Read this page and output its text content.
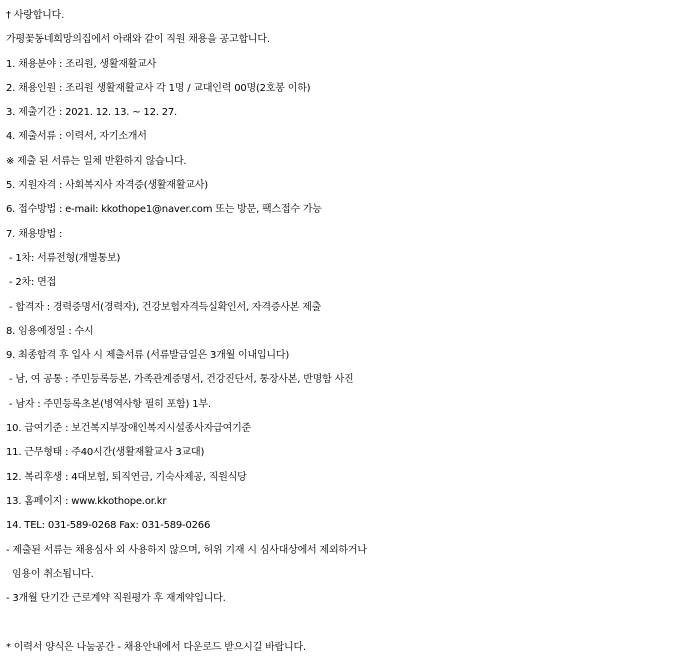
† 사랑합니다.
가평꽃동네희망의집에서 아래와 같이 직원 채용을 공고합니다.
1. 채용분야 : 조리원, 생활재활교사
2. 채용인원 : 조리원 생활재활교사 각 1명 / 교대인력 00명(2호봉 이하)
3. 제출기간 : 2021. 12. 13. ~ 12. 27.
4. 제출서류 : 이력서, 자기소개서
※ 제출 된 서류는 일체 반환하지 않습니다.
5. 지원자격 : 사회복지사 자격증(생활재활교사)
6. 접수방법 : e-mail: kkothope1@naver.com 또는 방문, 팩스접수 가능
7. 채용방법 :
- 1차: 서류전형(개별통보)
- 2차: 면접
- 합격자 : 경력증명서(경력자), 건강보험자격득실확인서, 자격증사본 제출
8. 임용예정일 : 수시
9. 최종합격 후 입사 시 제출서류 (서류발급일은 3개월 이내입니다)
- 남, 여 공통 : 주민등록등본, 가족관계증명서, 건강진단서, 통장사본, 반명함 사진
- 남자 : 주민등록초본(병역사항 필히 포함) 1부.
10. 급여기준 : 보건복지부장애인복지시설종사자급여기준
11. 근무형태 : 주40시간(생활재활교사 3교대)
12. 복리후생 : 4대보험, 퇴직연금, 기숙사제공, 직원식당
13. 홈페이지 : www.kkothope.or.kr
14. TEL: 031-589-0268 Fax: 031-589-0266
- 제출된 서류는 채용심사 외 사용하지 않으며, 허위 기재 시 심사대상에서 제외하거나
임용이 취소됩니다.
- 3개월 단기간 근로계약 직원평가 후 재계약입니다.
* 이력서 양식은 나눔공간 - 채용안내에서 다운로드 받으시길 바랍니다.
